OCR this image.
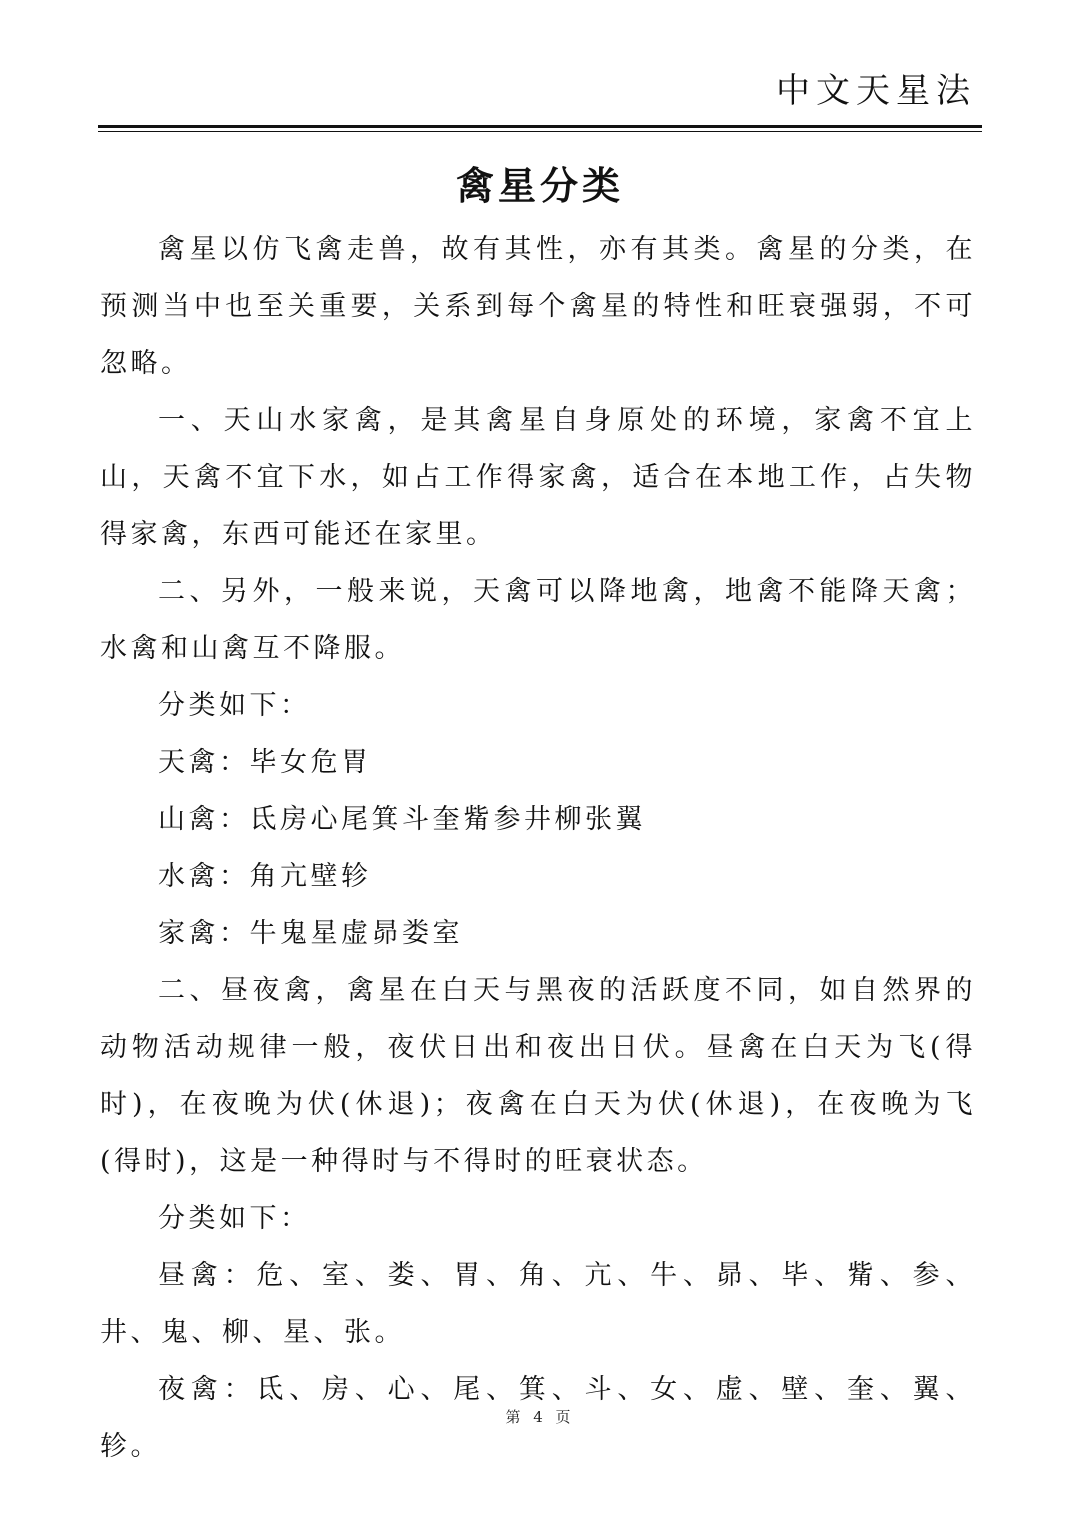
中文天星法
禽星分类

禽星以仿飞禽走兽，故有其性，亦有其类。禽星的分类，在预测当中也至关重要，关系到每个禽星的特性和旺衰强弱，不可忽略。

一、天山水家禽，是其禽星自身原处的环境，家禽不宜上山，天禽不宜下水，如占工作得家禽，适合在本地工作，占失物得家禽，东西可能还在家里。

二、另外，一般来说，天禽可以降地禽，地禽不能降天禽；水禽和山禽互不降服。

分类如下：

天禽：毕女危胃

山禽：氐房心尾箕斗奎觜参井柳张翼

水禽：角亢壁轸

家禽：牛鬼星虚昴娄室

二、昼夜禽，禽星在白天与黑夜的活跃度不同，如自然界的动物活动规律一般，夜伏日出和夜出日伏。昼禽在白天为飞(得时)，在夜晚为伏(休退)；夜禽在白天为伏(休退)，在夜晚为飞(得时)，这是一种得时与不得时的旺衰状态。

分类如下：

昼禽：危、室、娄、胃、角、亢、牛、昴、毕、觜、参、井、鬼、柳、星、张。

夜禽：氐、房、心、尾、箕、斗、女、虚、壁、奎、翼、轸。

第 4 页
